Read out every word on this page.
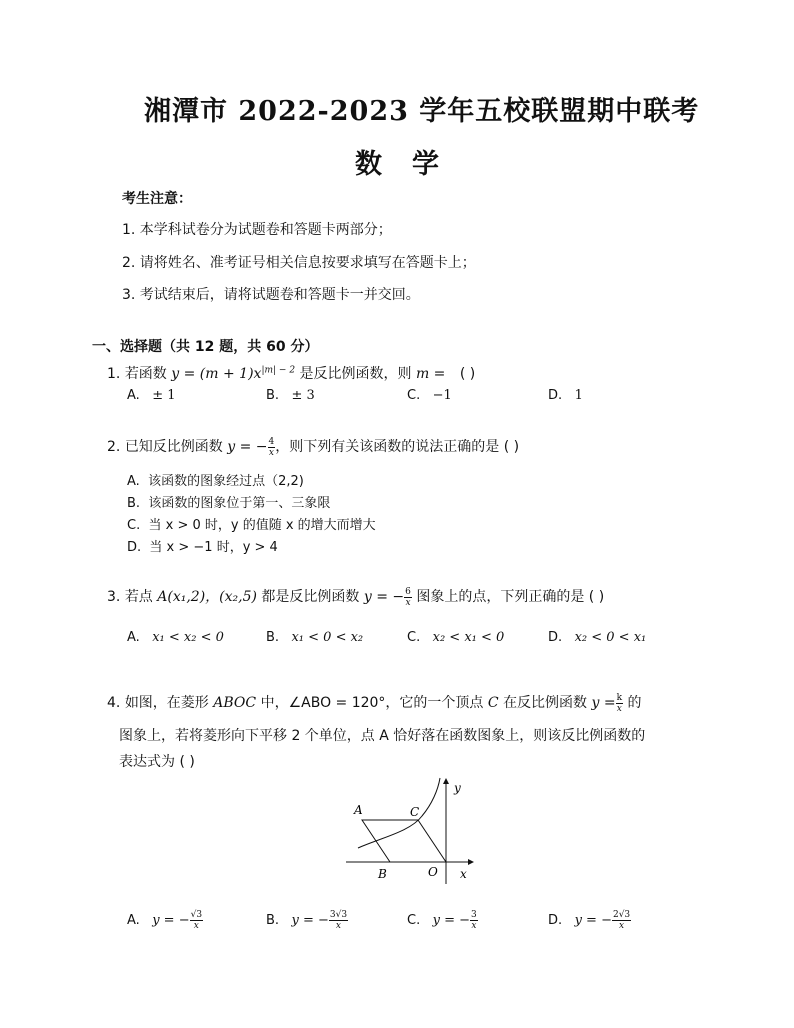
湘潭市 2022-2023 学年五校联盟期中联考
数学
考生注意：
1. 本学科试卷分为试题卷和答题卡两部分；
2. 请将姓名、准考证号相关信息按要求填写在答题卡上；
3. 考试结束后，请将试题卷和答题卡一并交回。
一、选择题（共 12 题，共 60 分）
1. 若函数 $y = (m + 1)x^{|m| - 2}$ 是反比例函数，则 m = ( )
A. ± 1	B. ± 3	C. −1	D. 1
2. 已知反比例函数 y = − $\frac{4}{x}$ ，则下列有关该函数的说法正确的是 ( )
A. 该函数的图象经过点（2,2)
B. 该函数的图象位于第一、三象限
C. 当 x > 0 时，y 的值随 x 的增大而增大
D. 当 x > −1 时，y > 4
3. 若点 A(x₁,2)，(x₂,5) 都是反比例函数 y = − $\frac{6}{x}$ 图象上的点，下列正确的是 ( )
A. x₁ < x₂ < 0	B. x₁ < 0 < x₂	C. x₂ < x₁ < 0	D. x₂ < 0 < x₁
4. 如图，在菱形 ABOC 中，∠ABO = 120°，它的一个顶点 C 在反比例函数 $y = \frac{k}{x}$ 的
图象上，若将菱形向下平移 2 个单位，点 A 恰好落在函数图象上，则该反比例函数的
表达式为 ( )
A	C
B	O x
y
A. y = − $\frac{√3}{x}$	B. y = − $\frac{3√3}{x}$	C. y = − $\frac{3}{x}$	D. y = − $\frac{2√3}{x}$
